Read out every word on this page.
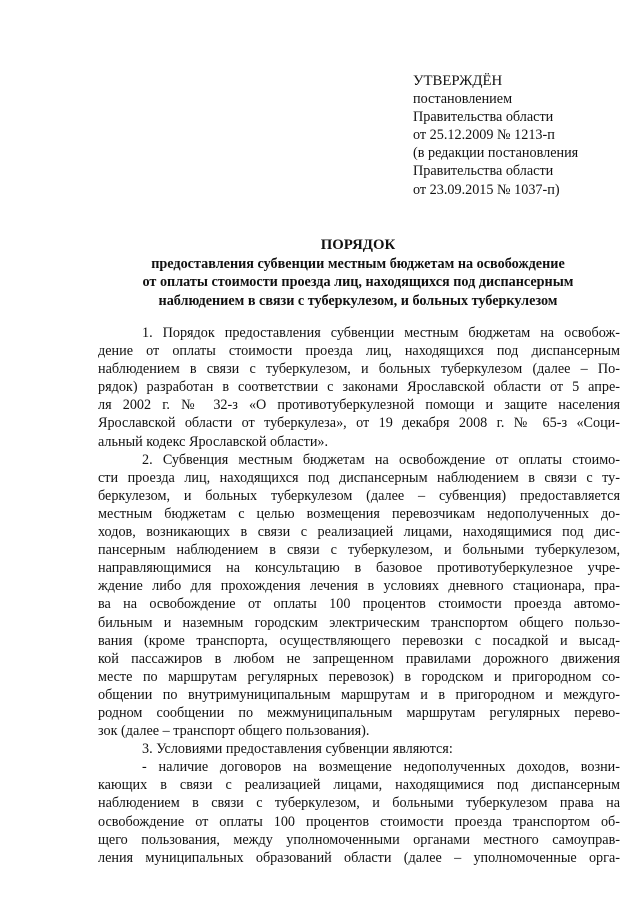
УТВЕРЖДЁН
постановлением
Правительства области
от 25.12.2009 № 1213-п
(в редакции постановления
Правительства области
от 23.09.2015 № 1037-п)
ПОРЯДОК
предоставления субвенции местным бюджетам на освобождение
от оплаты стоимости проезда лиц, находящихся под диспансерным
наблюдением в связи с туберкулезом, и больных туберкулезом
1. Порядок предоставления субвенции местным бюджетам на освобож-
дение от оплаты стоимости проезда лиц, находящихся под диспансерным
наблюдением в связи с туберкулезом, и больных туберкулезом (далее – По-
рядок) разработан в соответствии с законами Ярославской области от 5 апре-
ля 2002 г. № 32-з «О противотуберкулезной помощи и защите населения
Ярославской области от туберкулеза», от 19 декабря 2008 г. № 65-з «Соци-
альный кодекс Ярославской области».
2. Субвенция местным бюджетам на освобождение от оплаты стоимо-
сти проезда лиц, находящихся под диспансерным наблюдением в связи с ту-
беркулезом, и больных туберкулезом (далее – субвенция) предоставляется
местным бюджетам с целью возмещения перевозчикам недополученных до-
ходов, возникающих в связи с реализацией лицами, находящимися под дис-
пансерным наблюдением в связи с туберкулезом, и больными туберкулезом,
направляющимися на консультацию в базовое противотуберкулезное учре-
ждение либо для прохождения лечения в условиях дневного стационара, пра-
ва на освобождение от оплаты 100 процентов стоимости проезда автомо-
бильным и наземным городским электрическим транспортом общего пользо-
вания (кроме транспорта, осуществляющего перевозки с посадкой и высад-
кой пассажиров в любом не запрещенном правилами дорожного движения
месте по маршрутам регулярных перевозок) в городском и пригородном со-
общении по внутримуниципальным маршрутам и в пригородном и междуго-
родном сообщении по межмуниципальным маршрутам регулярных перево-
зок (далее – транспорт общего пользования).
3. Условиями предоставления субвенции являются:
- наличие договоров на возмещение недополученных доходов, возни-
кающих в связи с реализацией лицами, находящимися под диспансерным
наблюдением в связи с туберкулезом, и больными туберкулезом права на
освобождение от оплаты 100 процентов стоимости проезда транспортом об-
щего пользования, между уполномоченными органами местного самоуправ-
ления муниципальных образований области (далее – уполномоченные орга-
